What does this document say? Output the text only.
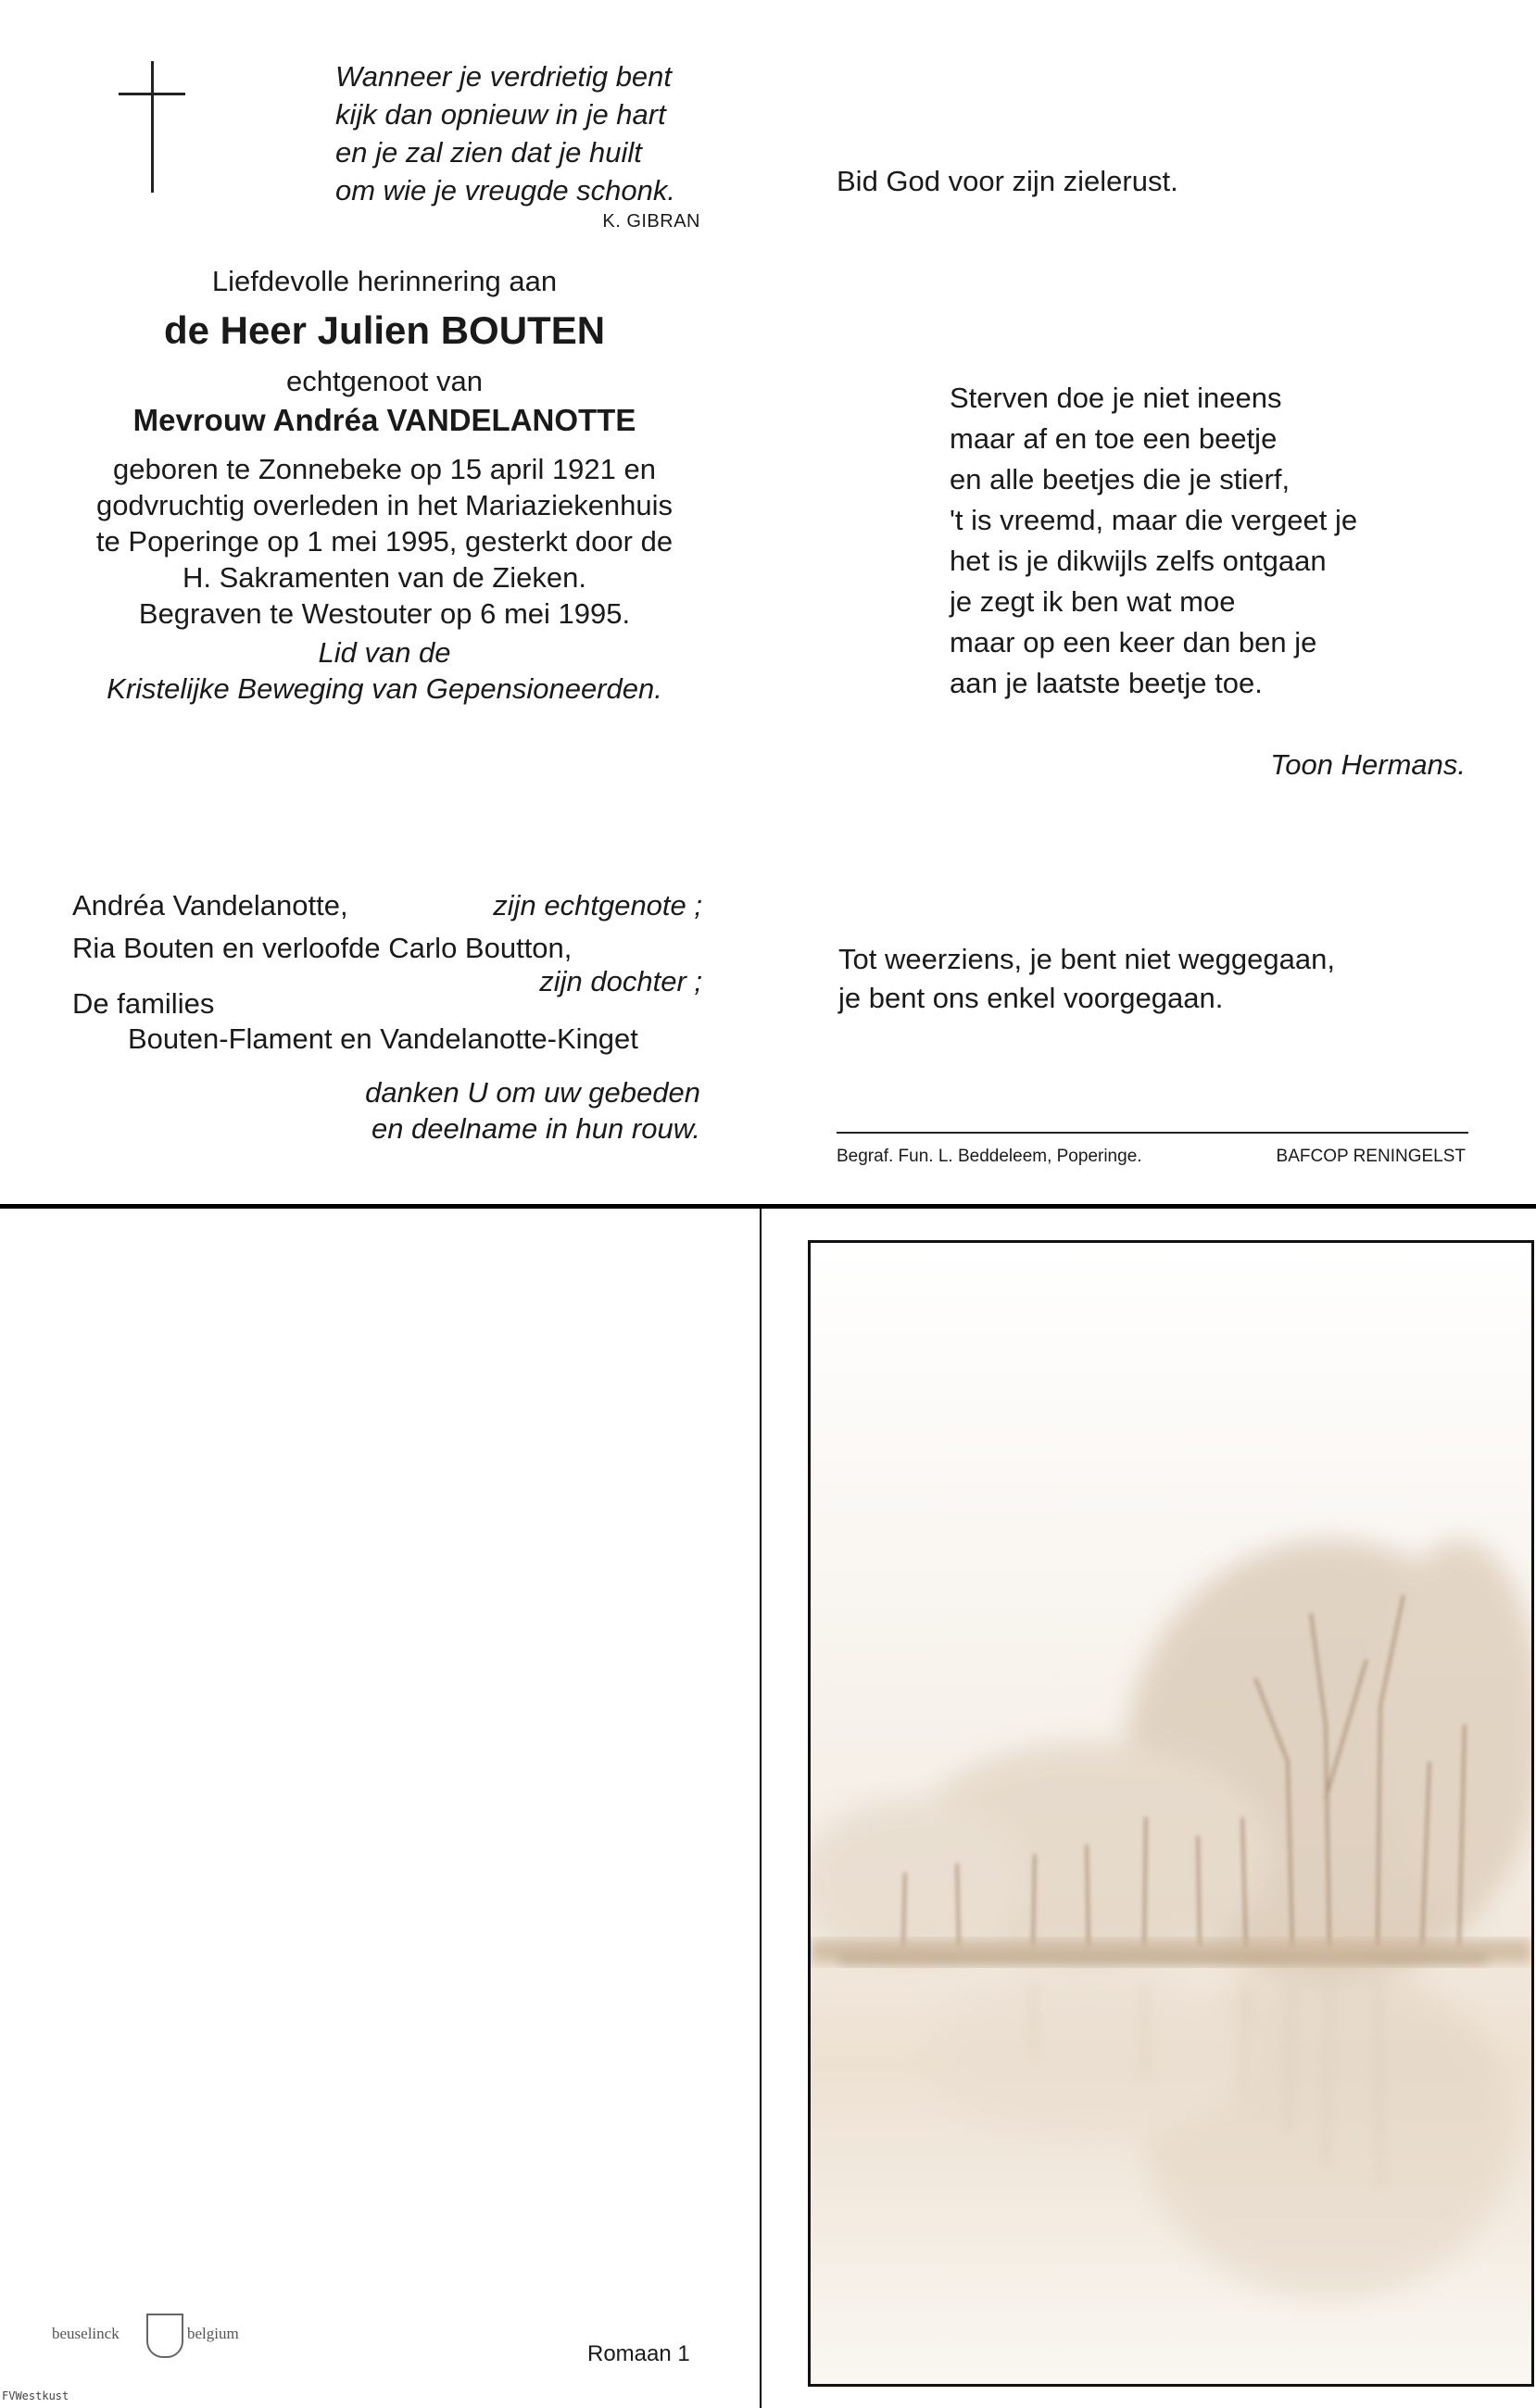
Wanneer je verdrietig bent
kijk dan opnieuw in je hart
en je zal zien dat je huilt
om wie je vreugde schonk.
K. GIBRAN
Liefdevolle herinnering aan
de Heer Julien BOUTEN
echtgenoot van
Mevrouw Andréa VANDELANOTTE
geboren te Zonnebeke op 15 april 1921 en
godvruchtig overleden in het Mariaziekenhuis
te Poperinge op 1 mei 1995, gesterkt door de
H. Sakramenten van de Zieken.
Begraven te Westouter op 6 mei 1995.
Lid van de
Kristelijke Beweging van Gepensioneerden.
Andréa Vandelanotte,	zijn echtgenote ;
Ria Bouten en verloofde Carlo Boutton,
zijn dochter ;
De families
Bouten-Flament en Vandelanotte-Kinget
danken U om uw gebeden
en deelname in hun rouw.
Bid God voor zijn zielerust.
Sterven doe je niet ineens
maar af en toe een beetje
en alle beetjes die je stierf,
't is vreemd, maar die vergeet je
het is je dikwijls zelfs ontgaan
je zegt ik ben wat moe
maar op een keer dan ben je
aan je laatste beetje toe.
Toon Hermans.
Tot weerziens, je bent niet weggegaan,
je bent ons enkel voorgegaan.
Begraf. Fun. L. Beddeleem, Poperinge.	BAFCOP RENINGELST
beuselinck	belgium
Romaan 1
FVWestkust
